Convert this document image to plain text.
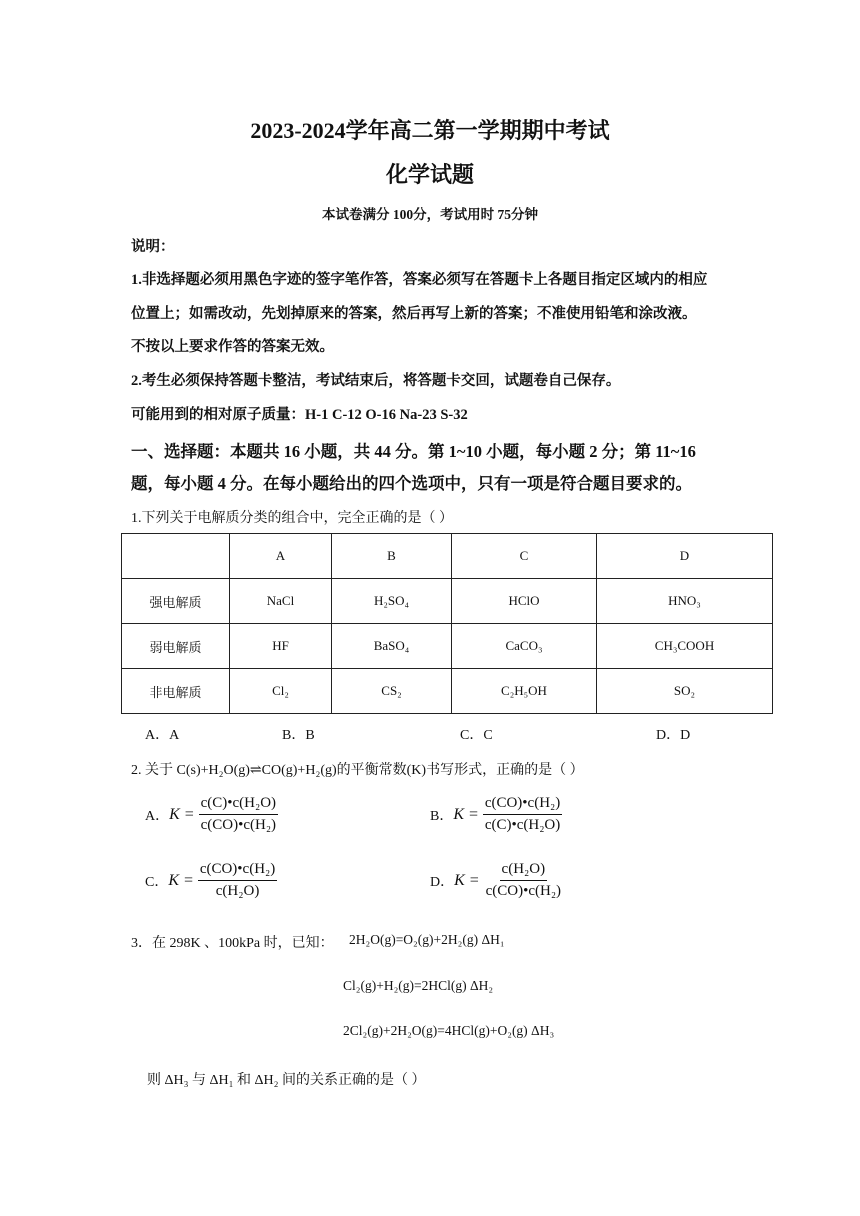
2023-2024学年高二第一学期期中考试
化学试题
本试卷满分 100分，考试用时 75分钟
说明：
1.非选择题必须用黑色字迹的签字笔作答，答案必须写在答题卡上各题目指定区域内的相应
位置上；如需改动，先划掉原来的答案，然后再写上新的答案；不准使用铅笔和涂改液。
不按以上要求作答的答案无效。
2.考生必须保持答题卡整洁，考试结束后，将答题卡交回，试题卷自己保存。
可能用到的相对原子质量：H-1 C-12 O-16 Na-23 S-32
一、选择题：本题共 16 小题，共 44 分。第 1~10 小题，每小题 2 分；第 11~16
题，每小题 4 分。在每小题给出的四个选项中，只有一项是符合题目要求的。
1.下列关于电解质分类的组合中，完全正确的是（ ）
	A	B	C	D
强电解质	NaCl	H₂SO₄	HClO	HNO₃
弱电解质	HF	BaSO₄	CaCO₃	CH₃COOH
非电解质	Cl₂	CS₂	C₂H₅OH	SO₂
A．A	B．B	C．C	D．D
2. 关于 C(s)+H₂O(g)⇌CO(g)+H₂(g)的平衡常数(K)书写形式，正确的是（ ）
A． $K = \frac{\text{c(C)•c(H₂O)}}{\text{c(CO)•c(H₂)}}$	B． $K = \frac{\text{c(CO)•c(H₂)}}{\text{c(C)•c(H₂O)}}$
C． $K = \frac{\text{c(CO)•c(H₂)}}{\text{c(H₂O)}}$	D． $K = \frac{\text{c(H₂O)}}{\text{c(CO)•c(H₂)}}$
3．在 298K 、100kPa 时，已知： 2H₂O(g)=O₂(g)+2H₂(g) ΔH₁
Cl₂(g)+H₂(g)=2HCl(g) ΔH₂
2Cl₂(g)+2H₂O(g)=4HCl(g)+O₂(g) ΔH₃
则 ΔH₃ 与 ΔH₁ 和 ΔH₂ 间的关系正确的是（ ）
